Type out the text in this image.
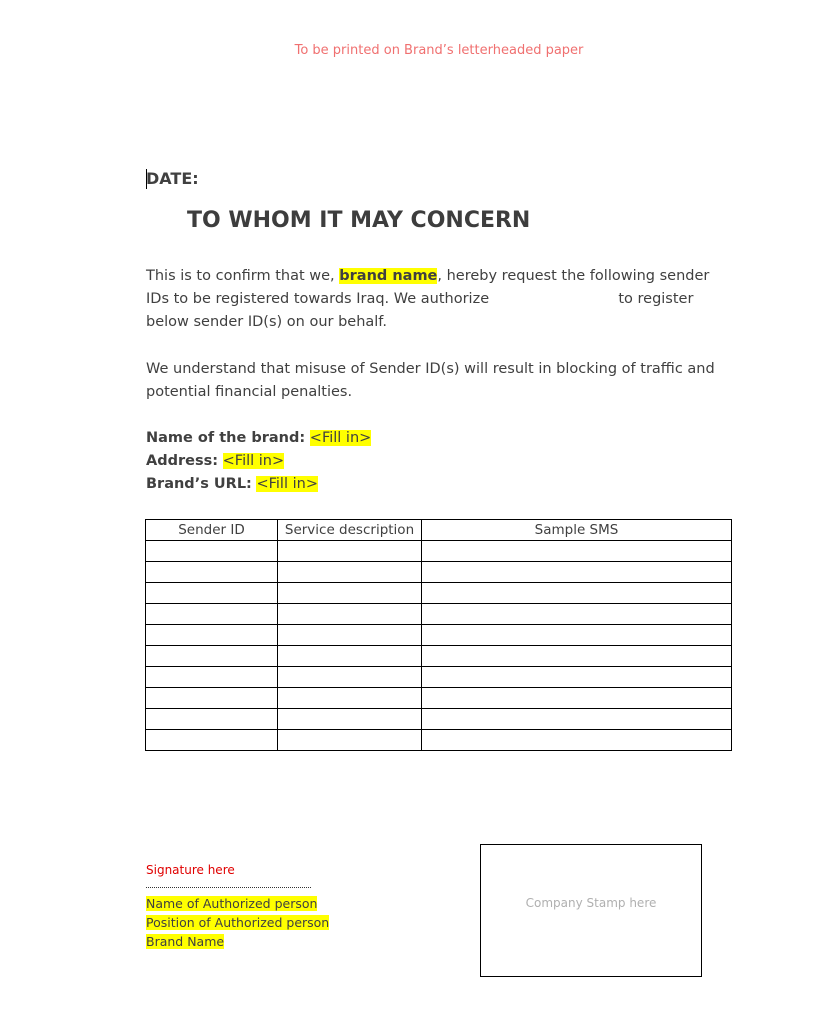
To be printed on Brand’s letterheaded paper
DATE:
TO WHOM IT MAY CONCERN
This is to confirm that we, brand name, hereby request the following sender IDs to be registered towards Iraq. We authorize	to register below sender ID(s) on our behalf.
We understand that misuse of Sender ID(s) will result in blocking of traffic and potential financial penalties.
Name of the brand: <Fill in>
Address: <Fill in>
Brand’s URL: <Fill in>
Sender ID	Service description	Sample SMS

Signature here
Name of Authorized person
Position of Authorized person
Brand Name
Company Stamp here
